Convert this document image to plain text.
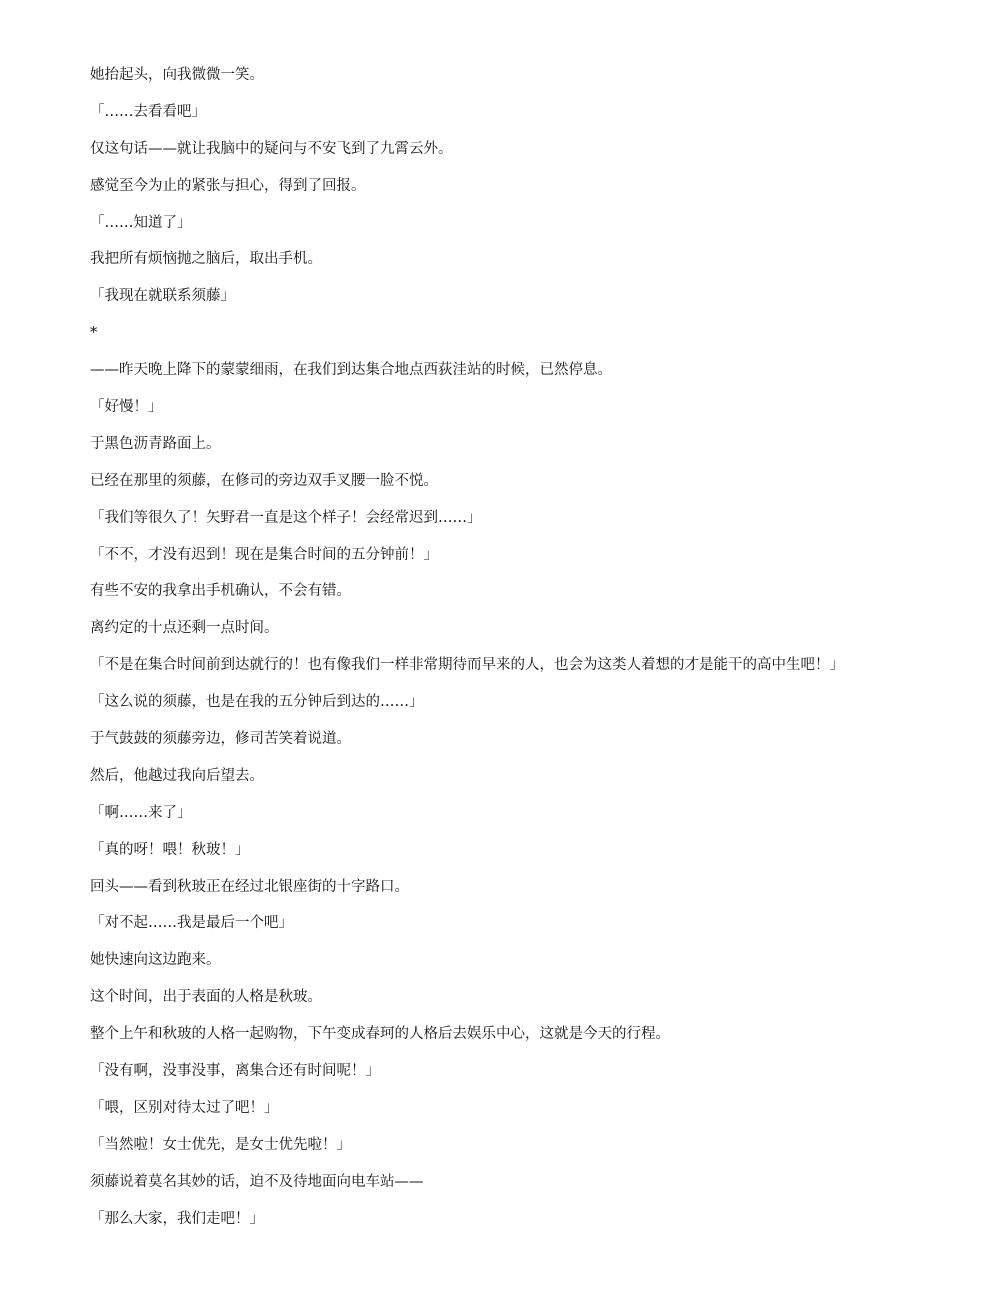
她抬起头，向我微微一笑。
「……去看看吧」
仅这句话——就让我脑中的疑问与不安飞到了九霄云外。
感觉至今为止的紧张与担心，得到了回报。
「……知道了」
我把所有烦恼抛之脑后，取出手机。
「我现在就联系须藤」
*
——昨天晚上降下的蒙蒙细雨，在我们到达集合地点西荻洼站的时候，已然停息。
「好慢！」
于黑色沥青路面上。
已经在那里的须藤，在修司的旁边双手叉腰一脸不悦。
「我们等很久了！矢野君一直是这个样子！会经常迟到……」
「不不，才没有迟到！现在是集合时间的五分钟前！」
有些不安的我拿出手机确认，不会有错。
离约定的十点还剩一点时间。
「不是在集合时间前到达就行的！也有像我们一样非常期待而早来的人，也会为这类人着想的才是能干的高中生吧！」
「这么说的须藤，也是在我的五分钟后到达的……」
于气鼓鼓的须藤旁边，修司苦笑着说道。
然后，他越过我向后望去。
「啊……来了」
「真的呀！喂！秋玻！」
回头——看到秋玻正在经过北银座街的十字路口。
「对不起……我是最后一个吧」
她快速向这边跑来。
这个时间，出于表面的人格是秋玻。
整个上午和秋玻的人格一起购物，下午变成春珂的人格后去娱乐中心，这就是今天的行程。
「没有啊，没事没事，离集合还有时间呢！」
「喂，区别对待太过了吧！」
「当然啦！女士优先，是女士优先啦！」
须藤说着莫名其妙的话，迫不及待地面向电车站——
「那么大家，我们走吧！」
